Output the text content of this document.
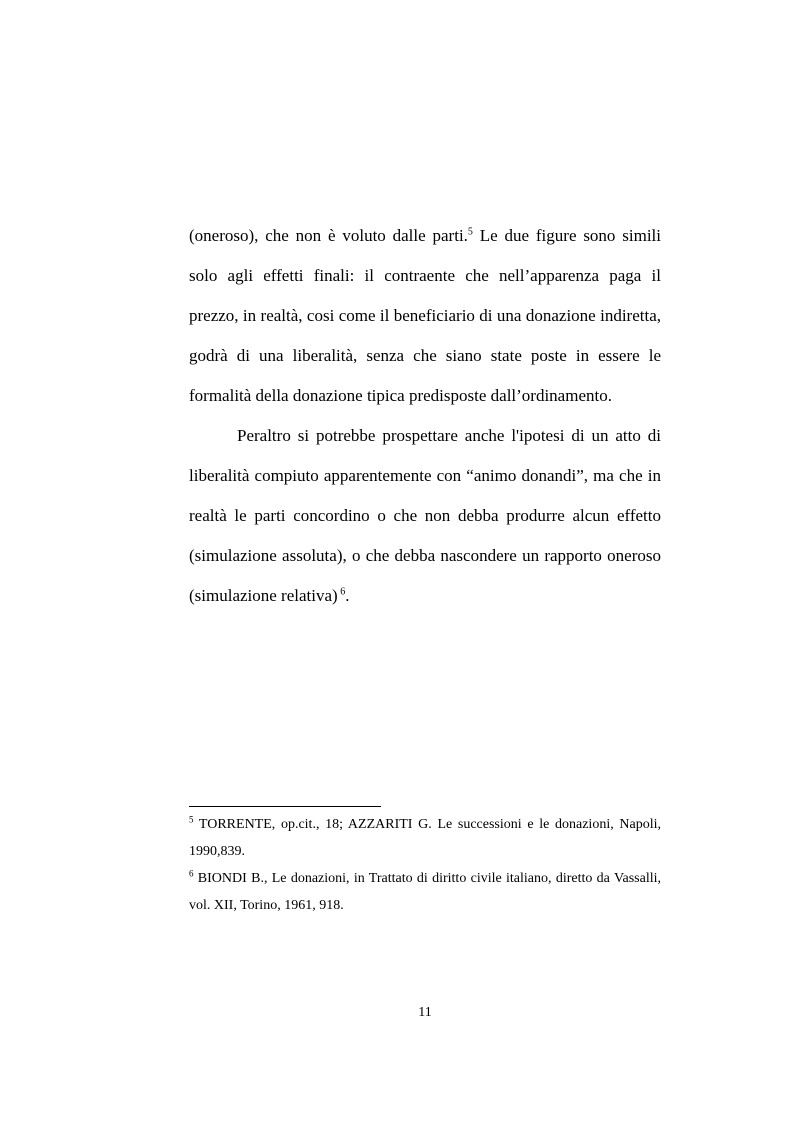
(oneroso), che non è voluto dalle parti.$^5$ Le due figure sono simili solo agli effetti finali: il contraente che nell’apparenza paga il prezzo, in realtà, cosi come il beneficiario di una donazione indiretta, godrà di una liberalità, senza che siano state poste in essere le formalità della donazione tipica predisposte dall’ordinamento.

Peraltro si potrebbe prospettare anche l'ipotesi di un atto di liberalità compiuto apparentemente con “animo donandi”, ma che in realtà le parti concordino o che non debba produrre alcun effetto (simulazione assoluta), o che debba nascondere un rapporto oneroso (simulazione relativa) $^6$.

$^5$ TORRENTE, op.cit., 18; AZZARITI G. Le successioni e le donazioni, Napoli, 1990,839.

$^6$ BIONDI B., Le donazioni, in Trattato di diritto civile italiano, diretto da Vassalli, vol. XII, Torino, 1961, 918.

11
